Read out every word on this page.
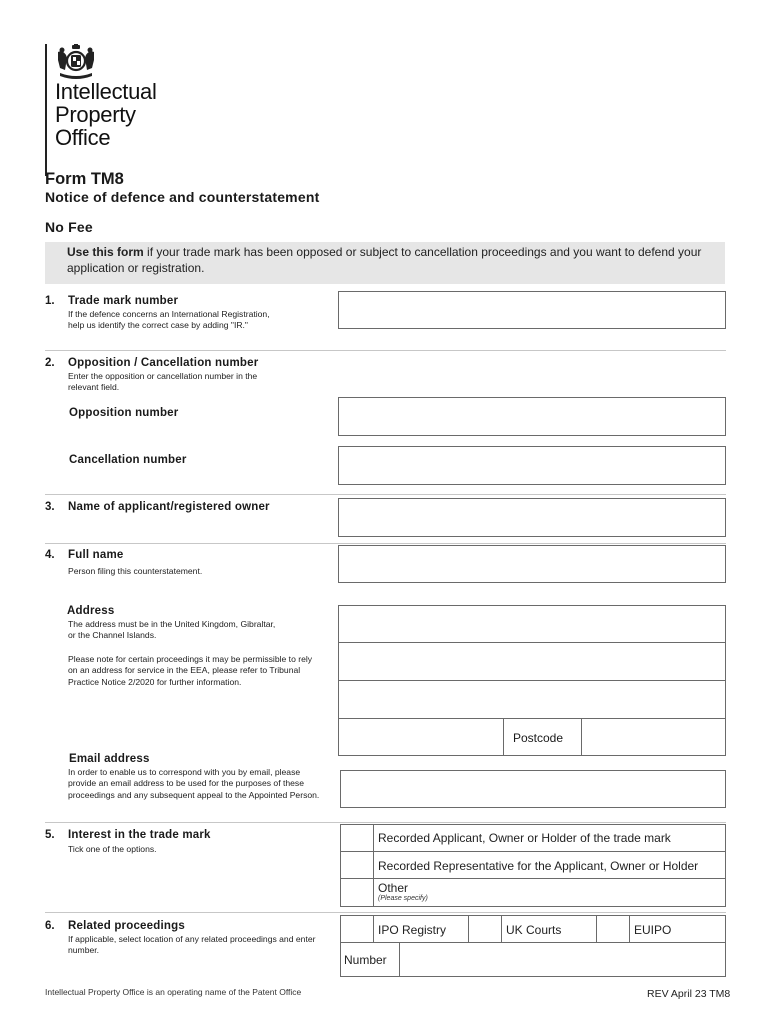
Intellectual
Property
Office
Form TM8
Notice of defence and counterstatement
No Fee
Use this form if your trade mark has been opposed or subject to cancellation proceedings and you want to defend your application or registration.
1. Trade mark number
If the defence concerns an International Registration, help us identify the correct case by adding "IR."
2. Opposition / Cancellation number
Enter the opposition or cancellation number in the relevant field.
Opposition number
Cancellation number
3. Name of applicant/registered owner
4. Full name
Person filing this counterstatement.
Address
The address must be in the United Kingdom, Gibraltar, or the Channel Islands.
Please note for certain proceedings it may be permissible to rely on an address for service in the EEA, please refer to Tribunal Practice Notice 2/2020 for further information.
Postcode
Email address
In order to enable us to correspond with you by email, please provide an email address to be used for the purposes of these proceedings and any subsequent appeal to the Appointed Person.
5. Interest in the trade mark
Tick one of the options.
Recorded Applicant, Owner or Holder of the trade mark
Recorded Representative for the Applicant, Owner or Holder
Other
(Please specify)
6. Related proceedings
If applicable, select location of any related proceedings and enter number.
IPO Registry	UK Courts	EUIPO
Number
Intellectual Property Office is an operating name of the Patent Office	REV April 23 TM8
